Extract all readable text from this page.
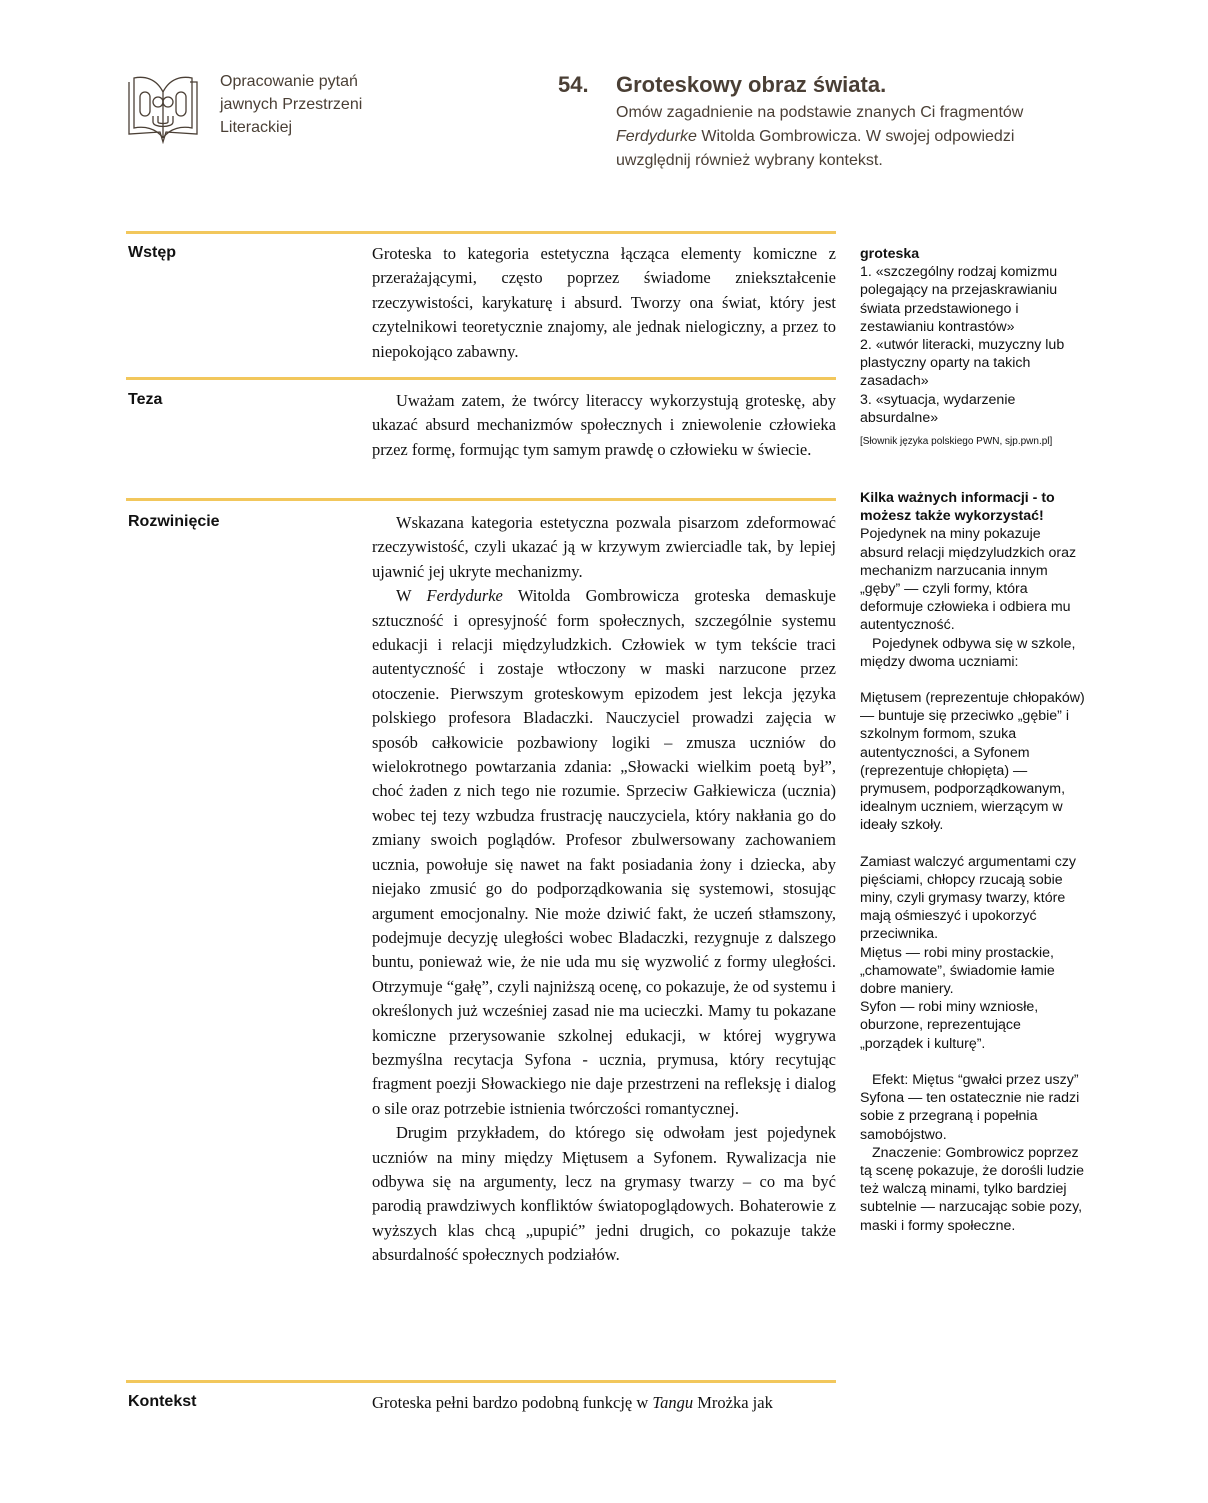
Opracowanie pytań
jawnych Przestrzeni
Literackiej
54. Groteskowy obraz świata.
Omów zagadnienie na podstawie znanych Ci fragmentów
Ferdydurke Witolda Gombrowicza. W swojej odpowiedzi uwzględnij również wybrany kontekst.
Wstęp	Groteska to kategoria estetyczna łącząca elementy komiczne z przerażającymi, często poprzez świadome zniekształcenie rzeczywistości, karykaturę i absurd. Tworzy ona świat, który jest czytelnikowi teoretycznie znajomy, ale jednak nielogiczny, a przez to niepokojąco zabawny.

Teza	Uważam zatem, że twórcy literaccy wykorzystują groteskę, aby ukazać absurd mechanizmów społecznych i zniewolenie człowieka przez formę, formując tym samym prawdę o człowieku w świecie.

Rozwinięcie	Wskazana kategoria estetyczna pozwala pisarzom zdeformować rzeczywistość, czyli ukazać ją w krzywym zwierciadle tak, by lepiej ujawnić jej ukryte mechanizmy.

W Ferdydurke Witolda Gombrowicza groteska demaskuje sztuczność i opresyjność form społecznych, szczególnie systemu edukacji i relacji międzyludzkich. Człowiek w tym tekście traci autentyczność i zostaje wtłoczony w maski narzucone przez otoczenie. Pierwszym groteskowym epizodem jest lekcja języka polskiego profesora Bladaczki. Nauczyciel prowadzi zajęcia w sposób całkowicie pozbawiony logiki – zmusza uczniów do wielokrotnego powtarzania zdania: „Słowacki wielkim poetą był”, choć żaden z nich tego nie rozumie. Sprzeciw Gałkiewicza (ucznia) wobec tej tezy wzbudza frustrację nauczyciela, który nakłania go do zmiany swoich poglądów. Profesor zbulwersowany zachowaniem ucznia, powołuje się nawet na fakt posiadania żony i dziecka, aby niejako zmusić go do podporządkowania się systemowi, stosując argument emocjonalny. Nie może dziwić fakt, że uczeń stłamszony, podejmuje decyzję uległości wobec Bladaczki, rezygnuje z dalszego buntu, ponieważ wie, że nie uda mu się wyzwolić z formy uległości. Otrzymuje “gałę”, czyli najniższą ocenę, co pokazuje, że od systemu i określonych już wcześniej zasad nie ma ucieczki. Mamy tu pokazane komiczne przerysowanie szkolnej edukacji, w której wygrywa bezmyślna recytacja Syfona - ucznia, prymusa, który recytując fragment poezji Słowackiego nie daje przestrzeni na refleksję i dialog o sile oraz potrzebie istnienia twórczości romantycznej.

Drugim przykładem, do którego się odwołam jest pojedynek uczniów na miny między Miętusem a Syfonem. Rywalizacja nie odbywa się na argumenty, lecz na grymasy twarzy – co ma być parodią prawdziwych konfliktów światopoglądowych. Bohaterowie z wyższych klas chcą „upupić” jedni drugich, co pokazuje także absurdalność społecznych podziałów.

Kontekst	Groteska pełni bardzo podobną funkcję w Tangu Mrożka jak

groteska

1. «szczególny rodzaj komizmu polegający na przejaskrawianiu świata przedstawionego i zestawianiu kontrastów»

2. «utwór literacki, muzyczny lub plastyczny oparty na takich zasadach»

3. «sytuacja, wydarzenie absurdalne»

[Słownik języka polskiego PWN, sjp.pwn.pl]

Kilka ważnych informacji - to możesz także wykorzystać!

Pojedynek na miny pokazuje absurd relacji międzyludzkich oraz mechanizm narzucania innym „gęby” — czyli formy, która deformuje człowieka i odbiera mu autentyczność.

Pojedynek odbywa się w szkole, między dwoma uczniami:

Miętusem (reprezentuje chłopaków) — buntuje się przeciwko „gębie” i szkolnym formom, szuka autentyczności, a Syfonem (reprezentuje chłopięta) — prymusem, podporządkowanym, idealnym uczniem, wierzącym w ideały szkoły.

Zamiast walczyć argumentami czy pięściami, chłopcy rzucają sobie miny, czyli grymasy twarzy, które mają ośmieszyć i upokorzyć przeciwnika.

Miętus — robi miny prostackie, „chamowate”, świadomie łamie dobre maniery.

Syfon — robi miny wzniosłe, oburzone, reprezentujące „porządek i kulturę”.

Efekt: Miętus “gwałci przez uszy” Syfona — ten ostatecznie nie radzi sobie z przegraną i popełnia samobójstwo.

Znaczenie: Gombrowicz poprzez tą scenę pokazuje, że dorośli ludzie też walczą minami, tylko bardziej subtelnie — narzucając sobie pozy, maski i formy społeczne.
